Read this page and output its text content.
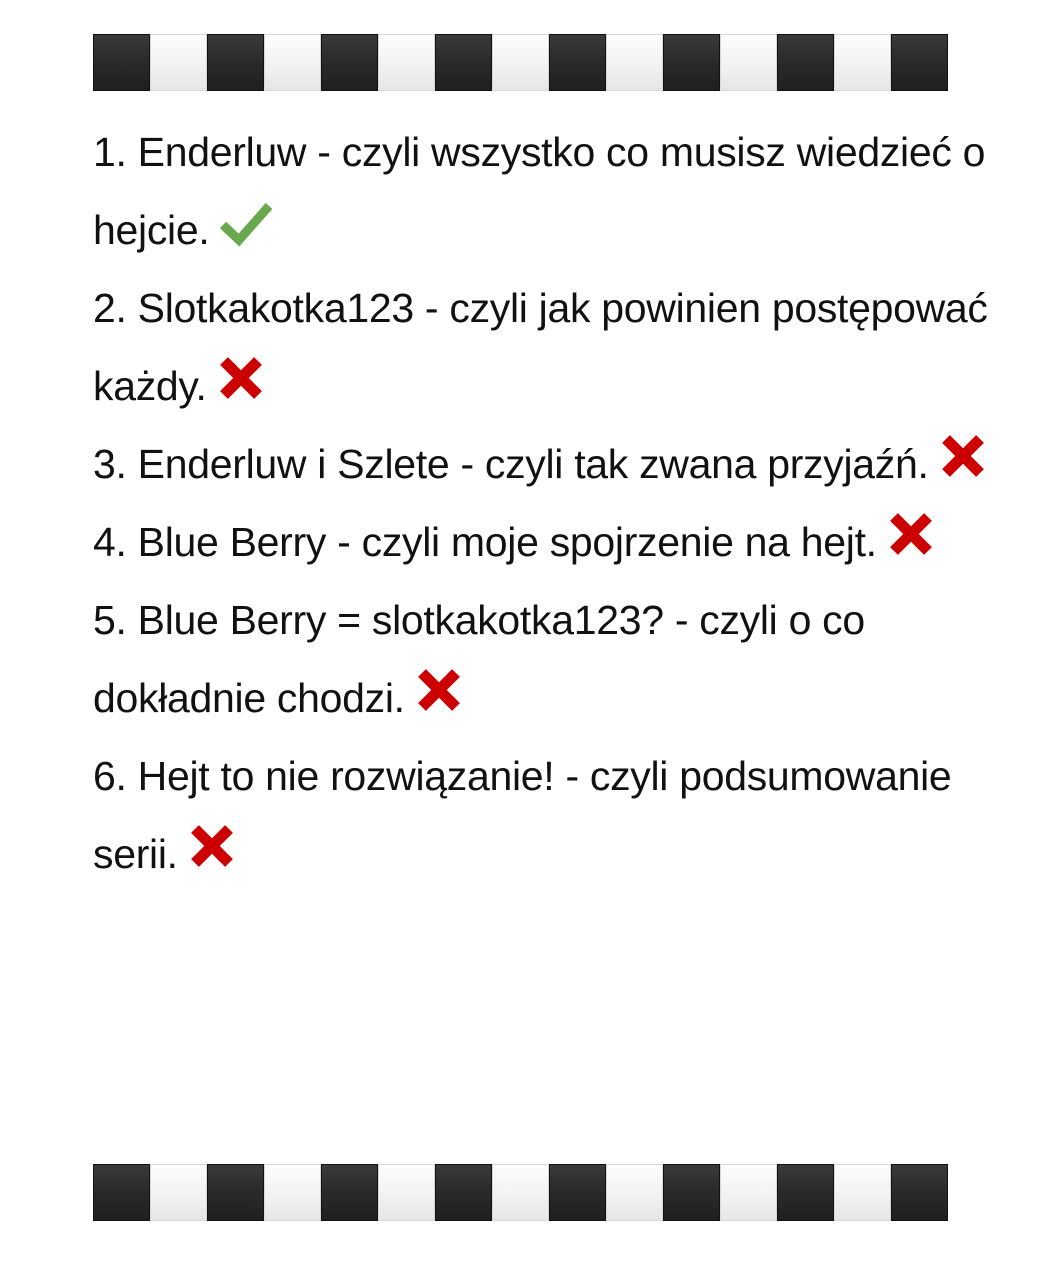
1. Enderluw - czyli wszystko co musisz wiedzieć o hejcie.
2. Slotkakotka123 - czyli jak powinien postępować każdy.
3. Enderluw i Szlete - czyli tak zwana przyjaźń.
4. Blue Berry - czyli moje spojrzenie na hejt.
5. Blue Berry = slotkakotka123? - czyli o co dokładnie chodzi.
6. Hejt to nie rozwiązanie! - czyli podsumowanie serii.
